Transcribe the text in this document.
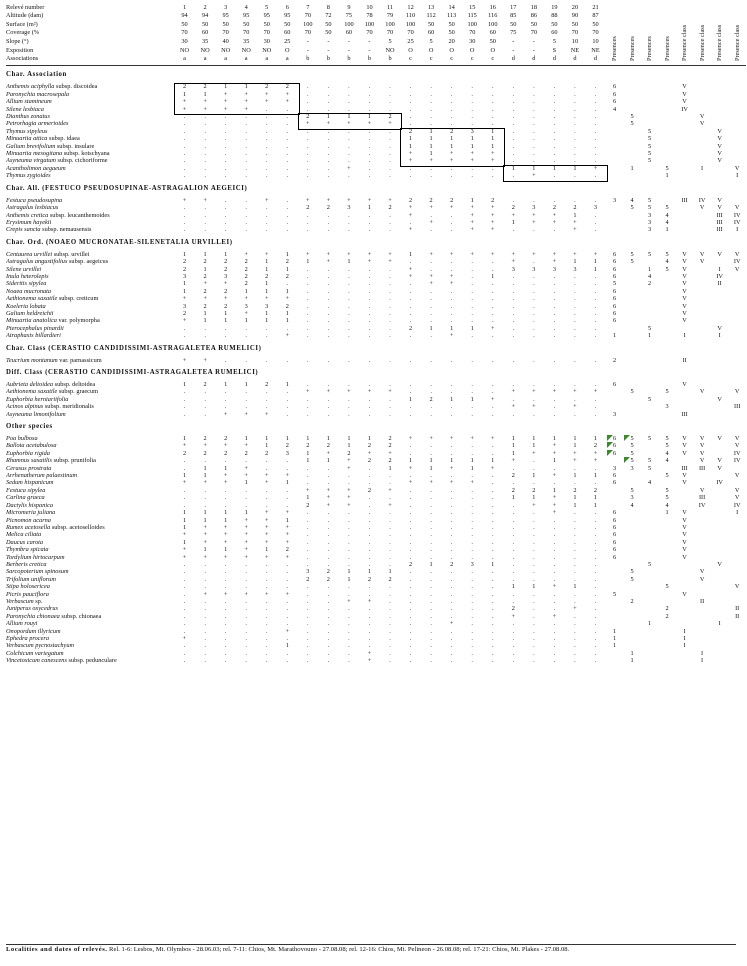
Relevé number	1	2	3	4	5	6	7	8	9	10	11	12	13	14	15	16	17	18	19	20	21	Presences	Presences	Presences	Presences	Presence class	Presence class	Presence class	Presence class
Altitude (dam)	94	94	95	95	95	95	70	72	75	78	79	110	112	113	115	116	85	86	88	90	87								
Surface (m²)	50	50	50	50	50	50	100	50	100	100	100	100	50	50	100	100	50	50	50	50	50								
Coverage (%	70	60	70	70	70	60	70	50	60	70	70	70	60	50	70	60	75	70	60	70	70								
Slope (°)	30	35	40	35	30	25	-	-	-	-	5	25	5	20	30	50	-	-	5	10	10								
Exposition	NO	NO	NO	NO	NO	O	-	-	-	-	NO	O	O	O	O	O	-	-	S	NE	NE								
Associations	a	a	a	a	a	a	b	b	b	b	b	c	c	c	c	c	d	d	d	d	d								

Char. Association																													

Anthemis aciphylla subsp. discoidea	2	2	1	1	2	2	.	.	.	.	.	.	.	.	.	.	.	.	.	.	.	6				V			
Paronychia macrosepala	1	1	+	+	+	+	.	.	.	.	.	.	.	.	.	.	.	.	.	.	.	6				V			
Allium stamineum	+	+	+	+	+	+	.	.	.	.	.	.	.	.	.	.	.	.	.	.	.	6				V			
Silene lesbiaca	+	+	+	+	.	.	.	.	.	.	.	.	.	.	.	.	.	.	.	.	.	4				IV			
Dianthus zonatus	.	.	.	.	.	.	2	1	1	1	2	.	.	.	.	.	.	.	.	.	.		5				V		
Petrorhagia armerioides	.	.	.	.	.	.	+	+	+	+	+	.	.	.	.	.	.	.	.	.	.		5				V		
Thymus sipyleus	.	.	.	.	.	.	.	.	.	.	.	2	1	2	3	1	.	.	.	.	.			5				V	
Minuartia attica subsp. idaea	.	.	.	.	.	.	.	.	.	.	.	1	1	1	1	1	.	.	.	.	.			5				V	
Galium brevifolium subsp. insulare	.	.	.	.	.	.	.	.	.	.	.	1	1	1	1	1	.	.	.	.	.			5				V	
Minuartia mesogitana subsp. kotschyana	.	.	.	.	.	.	.	.	.	.	.	+	1	+	+	+	.	.	.	.	.			5				V	
Asyneuma virgatum subsp. cichoriforme	.	.	.	.	.	.	.	.	.	.	.	+	+	+	+	+	.	.	.	.	.			5				V	
Acantholimon aegaeum	.	.	.	.	.	.	.	.	+	.	.	.	.	.	.	.	1	1	1	1	+		1		5		I		V
Thymus zygioides	.	.	.	.	.	.	.	.	.	.	.	.	.	.	.	.	.	+	.	.	.				1				I
Char. All. (FESTUCO PSEUDOSUPINAE-ASTRAGALION AEGEICI)																													

Festuca pseudosupina	+	+	.	.	+	.	+	+	+	+	+	2	2	2	1	2	.	.	.	.	.	3	4	5		III	IV	V	
Astragalus lesbiacus	.	.	.	.	.	.	2	2	3	1	2	+	+	+	+	+	2	3	2	2	3		5	5	5		V	V	V
Anthemis cretica subsp. leucanthemoides	.	.	.	.	.	.	.	.	.	.	.	+	.	.	+	+	+	+	+	1	.			3	4			III	IV
Erysimum hayekii	.	.	.	.	.	.	.	.	.	.	.	.	+	.	+	+	1	+	+	+	.			3	4			III	IV
Crepis sancta subsp. nemausensis	.	.	.	.	.	.	.	.	.	.	.	+	.	.	+	+	.	.	.	+	.			3	1			III	I
Char. Ord. (NOAEO MUCRONATAE-SILENETALIA URVILLEI)																													

Centaurea urvillei subsp. urvillei	1	1	1	+	+	1	+	+	+	+	+	1	+	+	+	+	+	+	+	+	+	6	5	5	5	V	V	V	V
Astragalus angustifolius subsp. aegeicus	2	2	2	2	1	2	1	+	1	+	+	.	.	.	.	.	+	.	+	1	1	6	5		4	V	V		IV
Silene urvillei	2	1	2	2	1	1	.	.	.	.	.	+	.	.	.	.	3	3	3	3	1	6		1	5	V		I	V
Inula heterolepis	3	2	3	2	2	2	.	.	.	.	.	+	+	+	.	1	.	.	.	.	.	6		4		V		IV	
Sideritis sipylea	1	+	+	2	1	.	.	.	.	.	.	.	+	+	.	.	.	.	.	.	.	5		2		V		II	
Noaea mucronata	1	2	2	1	1	1	.	.	.	.	.	.	.	.	.	.	.	.	.	.	.	6				V			
Aethionema saxatile subsp. creticum	+	+	+	+	+	+	.	.	.	.	.	.	.	.	.	.	.	.	.	.	.	6				V			
Koeleria lobata	3	2	2	3	3	2	.	.	.	.	.	.	.	.	.	.	.	.	.	.	.	6				V			
Galium heldreichii	2	1	1	+	1	1	.	.	.	.	.	.	.	.	.	.	.	.	.	.	.	6				V			
Minuartia anatolica var. polymorpha	+	1	1	1	1	1	.	.	.	.	.	.	.	.	.	.	.	.	.	.	.	6				V			
Pterocephalus pinardii	.	.	.	.	.	.	.	.	.	.	.	2	1	1	1	+	.	.	.	.	.			5				V	
Atraphaxis billardieri	.	.	.	.	.	+	.	.	.	.	.	.	.	+	.	.	.	.	.	.	.	1		1		I		I	
Char. Class (CERASTIO CANDIDISSIMI-ASTRAGALETEA RUMELICI)																													

Teucrium montanum var. parnassicum	+	+	.	.	.	.	.	.	.	.	.	.	.	.	.	.	.	.	.	.	.	2				II			
Diff. Class (CERASTIO CANDIDISSIMI-ASTRAGALETEA RUMELICI)																													

Aubrieta deltoidea subsp. deltoidea	1	2	1	1	2	1	.	.	.	.	.	.	.	.	.	.	.	.	.	.	.	6				V			
Aethionema saxatile subsp. graecum	.	.	.	.	.	.	+	+	+	+	+	.	.	.	.	.	+	+	+	+	+		5		5		V		V
Euphorbia herniariifolia	.	.	.	.	.	.	.	.	.	.	.	1	2	1	1	+	.	.	.	.	.			5				V	
Acinos alpinus subsp. meridionalis	.	.	.	.	.	.	.	.	.	.	.	.	.	.	.	.	+	+	.	+	.				3				III
Asyneuma limonifolium	.	.	+	+	+	.	.	.	.	.	.	.	.	.	.	.	.	.	.	.	.	3				III			
Other species																													

Poa bulbosa	1	2	2	1	1	1	1	1	1	1	2	+	+	+	+	+	1	1	1	1	1	6	5	5	5	V	V	V	V
Ballota acetabulosa	+	+	+	+	1	2	2	2	1	2	2	.	.	.	.	.	1	1	+	1	2	6	5		5	V	V		V
Euphorbia rigida	2	2	2	2	2	3	1	+	2	+	+	.	.	.	.	.	1	+	+	+	+	6	5		4	V	V		IV
Rhamnus saxatilis subsp. prunifolia	.	.	.	.	.	.	1	1	+	2	2	1	1	1	1	1	+	.	1	+	+		5	5	4		V	V	IV
Cerasus prostrata	.	1	1	+	.	.	.	.	+	.	1	+	1	+	1	+	.	.	.	.	.	3	3	5		III	III	V	
Arrhenatherum palaestinum	1	1	+	+	+	+	.	.	.	.	.	.	.	.	.	.	2	1	+	1	1	6			5	V			V
Sedum hispanicum	+	+	+	1	+	1	.	.	.	.	.	+	+	+	+	.	.	.	.	.	.	6		4		V		IV	
Festuca sipylea	.	.	.	.	.	.	+	+	+	2	+	.	.	.	.	.	2	2	1	2	2		5		5		V		V
Carlina graeca	.	.	.	.	.	.	1	+	+	.	.	.	.	.	.	.	1	1	+	1	1		3		5		III		V
Dactylis hispanica	.	.	.	.	.	.	2	+	+	.	+	.	.	.	.	.	.	+	+	1	1		4		4		IV		IV
Micromeria juliana	1	1	1	1	+	+	.	.	.	.	.	.	.	.	.	.	.	.	+	.	.	6			1	V			I
Picnomon acarna	1	1	1	+	+	1	.	.	.	.	.	.	.	.	.	.	.	.	.	.	.	6				V			
Rumex acetosella subsp. acetoselloides	1	+	+	+	+	+	.	.	.	.	.	.	.	.	.	.	.	.	.	.	.	6				V			
Melica ciliata	+	+	+	+	+	+	.	.	.	.	.	.	.	.	.	.	.	.	.	.	.	6				V			
Daucus carota	1	+	+	+	+	+	.	.	.	.	.	.	.	.	.	.	.	.	.	.	.	6				V			
Thymbra spicata	+	1	1	+	1	2	.	.	.	.	.	.	.	.	.	.	.	.	.	.	.	6				V			
Tordylium hirtocarpum	+	+	+	+	+	+	.	.	.	.	.	.	.	.	.	.	.	.	.	.	.	6				V			
Berberis cretica	.	.	.	.	.	.	.	.	.	.	.	2	1	2	3	1	.	.	.	.	.			5				V	
Sarcopoterium spinosum	.	.	.	.	.	.	3	2	1	1	1	.	.	.	.	.	.	.	.	.	.		5				V		
Trifolium uniflorum	.	.	.	.	.	.	2	2	1	2	2	.	.	.	.	.	.	.	.	.	.		5				V		
Stipa holosericea	.	.	.	.	.	.	.	.	.	.	.	.	.	.	.	.	1	1	+	1	.				5				V
Picris pauciflora	.	+	+	+	+	+	.	.	.	.	.	.	.	.	.	.	.	.	.	.	.	5				V			
Verbascum sp.	.	.	.	.	.	.	.	.	+	+	.	.	.	.	.	.	.	.	.	.	.		2				II		
Juniperus oxycedrus	.	.	.	.	.	.	.	.	.	.	.	.	.	.	.	.	2	.	.	+	.				2				II
Paronychia chionaea subsp. chionaea	.	.	.	.	.	.	.	.	.	.	.	.	.	.	.	.	+	.	+	.	.				2				II
Allium rouyi	.	.	.	.	.	.	.	.	.	.	.	.	.	+	.	.	.	.	.	.	.			1				I	
Onopordum illyricum	.	.	.	.	.	+	.	.	.	.	.	.	.	.	.	.	.	.	.	.	.	1				I			
Ephedra procera	+	.	.	.	.	.	.	.	.	.	.	.	.	.	.	.	.	.	.	.	.	1				I			
Verbascum pycnostachyum	.	.	.	.	.	1	.	.	.	.	.	.	.	.	.	.	.	.	.	.	.	1				I			
Colchicum variegatum	.	.	.	.	.	.	.	.	.	+	.	.	.	.	.	.	.	.	.	.	.		1				I		
Vincetoxicum canescens subsp. pedunculare	.	.	.	.	.	.	.	.	.	+	.	.	.	.	.	.	.	.	.	.	.		1				I		
Localities and dates of relevés. Rel. 1-6: Lesbos, Mt. Olymbos - 28.06.03; rel. 7-11: Chios, Mt. Marathovouno - 27.08.08; rel. 12-16: Chios, Mt. Pelineon - 26.08.08; rel. 17-21: Chios, Mt. Plakes - 27.08.08.
